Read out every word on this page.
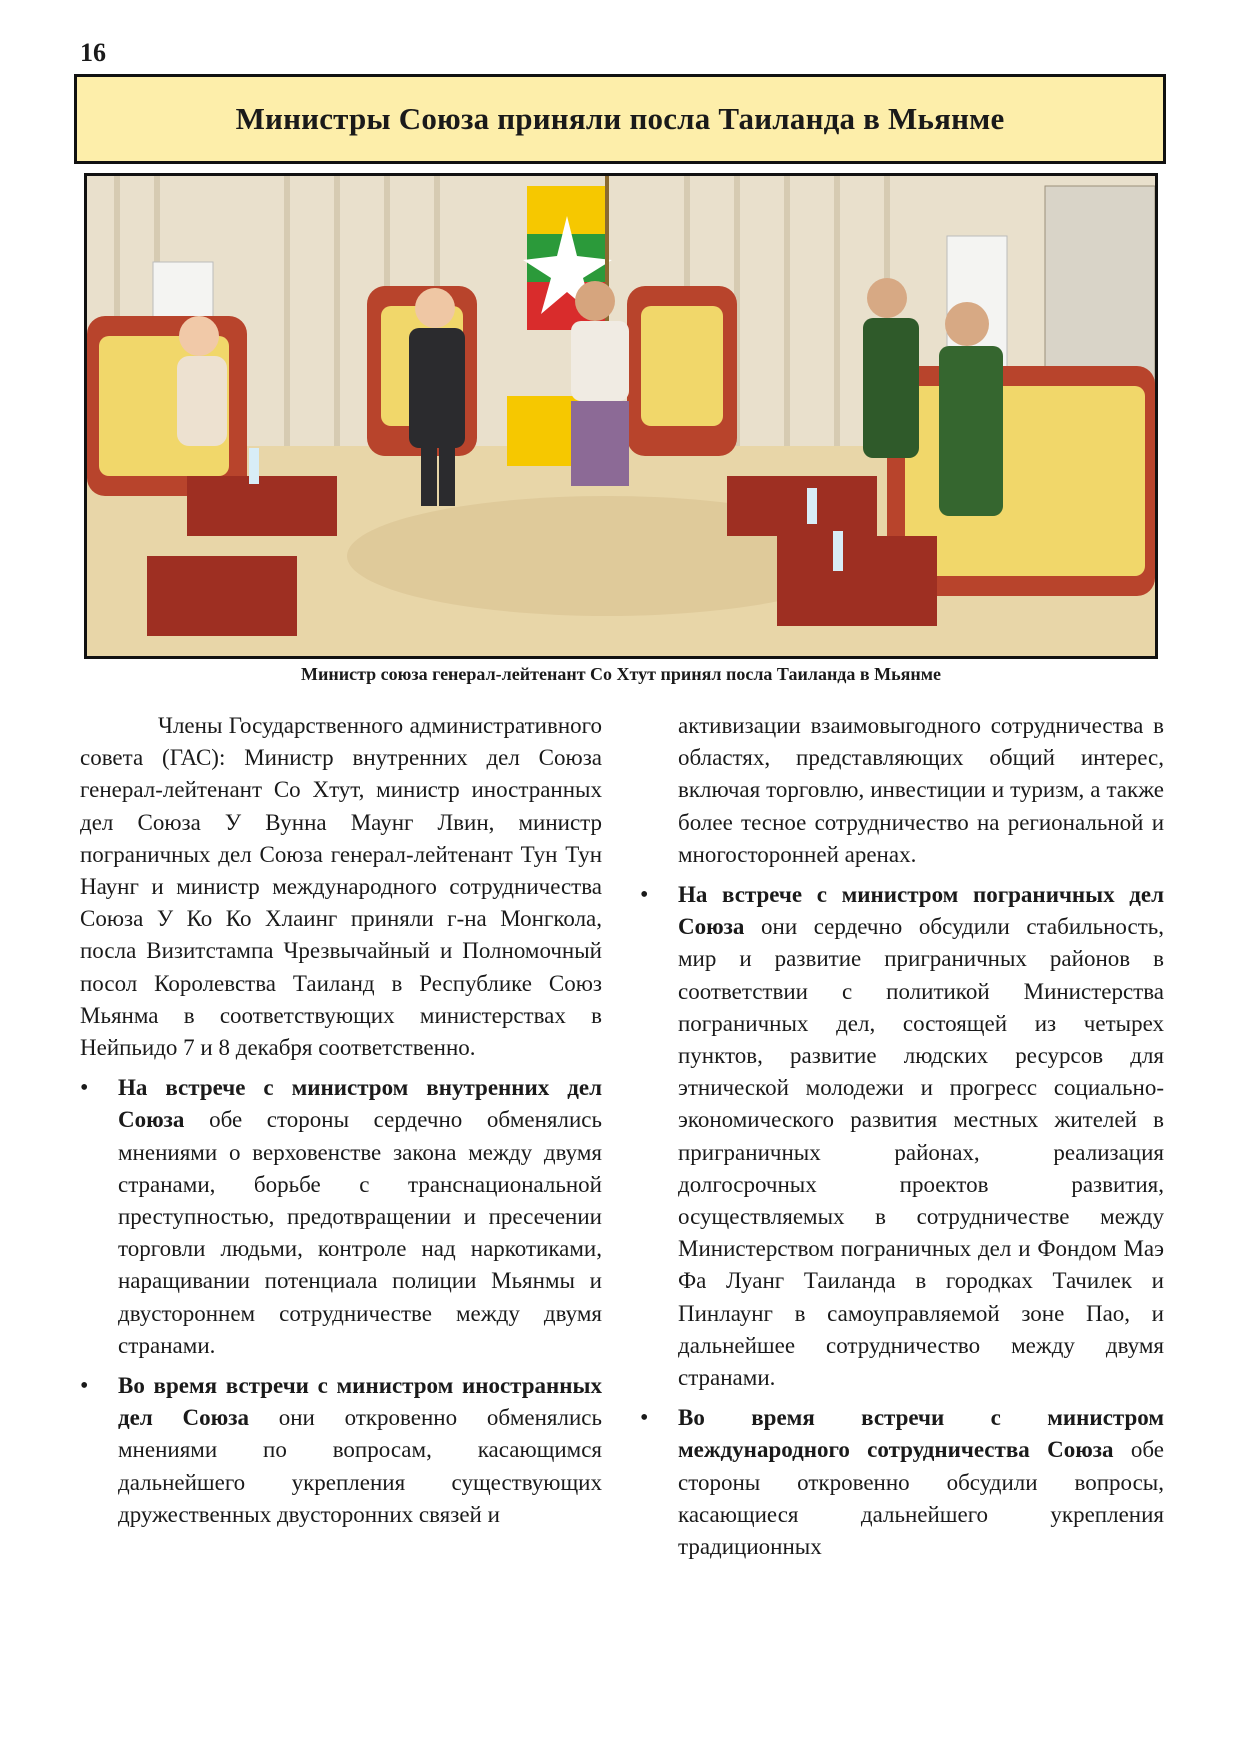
16
Министры Союза приняли посла Таиланда в Мьянме
Министр союза генерал-лейтенант Со Хтут принял посла Таиланда в Мьянме

Члены Государственного административного совета (ГАС): Министр внутренних дел Союза генерал-лейтенант Со Хтут, министр иностранных дел Союза У Вунна Маунг Лвин, министр пограничных дел Союза генерал-лейтенант Тун Тун Наунг и министр международного сотрудничества Союза У Ко Ко Хлаинг приняли г-на Монгкола, посла Визитстампа Чрезвычайный и Полномочный посол Королевства Таиланд в Республике Союз Мьянма в соответствующих министерствах в Нейпьидо 7 и 8 декабря соответственно.

• На встрече с министром внутренних дел Союза обе стороны сердечно обменялись мнениями о верховенстве закона между двумя странами, борьбе с транснациональной преступностью, предотвращении и пресечении торговли людьми, контроле над наркотиками, наращивании потенциала полиции Мьянмы и двустороннем сотрудничестве между двумя странами.
• Во время встречи с министром иностранных дел Союза они откровенно обменялись мнениями по вопросам, касающимся дальнейшего укрепления существующих дружественных двусторонних связей и

активизации взаимовыгодного сотрудничества в областях, представляющих общий интерес, включая торговлю, инвестиции и туризм, а также более тесное сотрудничество на региональной и многосторонней аренах.

• На встрече с министром пограничных дел Союза они сердечно обсудили стабильность, мир и развитие приграничных районов в соответствии с политикой Министерства пограничных дел, состоящей из четырех пунктов, развитие людских ресурсов для этнической молодежи и прогресс социально-экономического развития местных жителей в приграничных районах, реализация долгосрочных проектов развития, осуществляемых в сотрудничестве между Министерством пограничных дел и Фондом Маэ Фа Луанг Таиланда в городках Тачилек и Пинлаунг в самоуправляемой зоне Пао, и дальнейшее сотрудничество между двумя странами.
• Во время встречи с министром международного сотрудничества Союза обе стороны откровенно обсудили вопросы, касающиеся дальнейшего укрепления традиционных
